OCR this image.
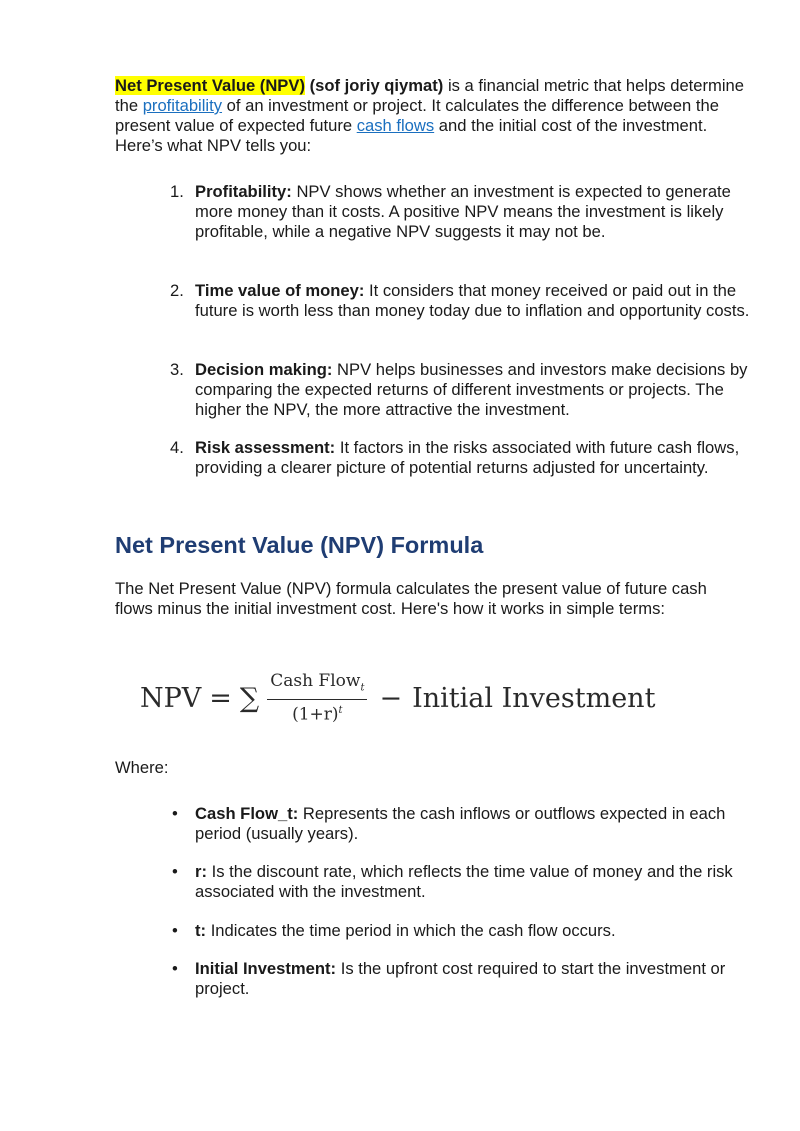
Net Present Value (NPV) (sof joriy qiymat) is a financial metric that helps determine the profitability of an investment or project. It calculates the difference between the present value of expected future cash flows and the initial cost of the investment. Here’s what NPV tells you:

1. Profitability: NPV shows whether an investment is expected to generate more money than it costs. A positive NPV means the investment is likely profitable, while a negative NPV suggests it may not be.
2. Time value of money: It considers that money received or paid out in the future is worth less than money today due to inflation and opportunity costs.
3. Decision making: NPV helps businesses and investors make decisions by comparing the expected returns of different investments or projects. The higher the NPV, the more attractive the investment.
4. Risk assessment: It factors in the risks associated with future cash flows, providing a clearer picture of potential returns adjusted for uncertainty.
Net Present Value (NPV) Formula

The Net Present Value (NPV) formula calculates the present value of future cash flows minus the initial investment cost. Here's how it works in simple terms:

NPV = ∑ $\frac{Cash Flow_t}{(1+r)^t}$ − Initial Investment

Where:

• Cash Flow_t: Represents the cash inflows or outflows expected in each period (usually years).
• r: Is the discount rate, which reflects the time value of money and the risk associated with the investment.
• t: Indicates the time period in which the cash flow occurs.
• Initial Investment: Is the upfront cost required to start the investment or project.
